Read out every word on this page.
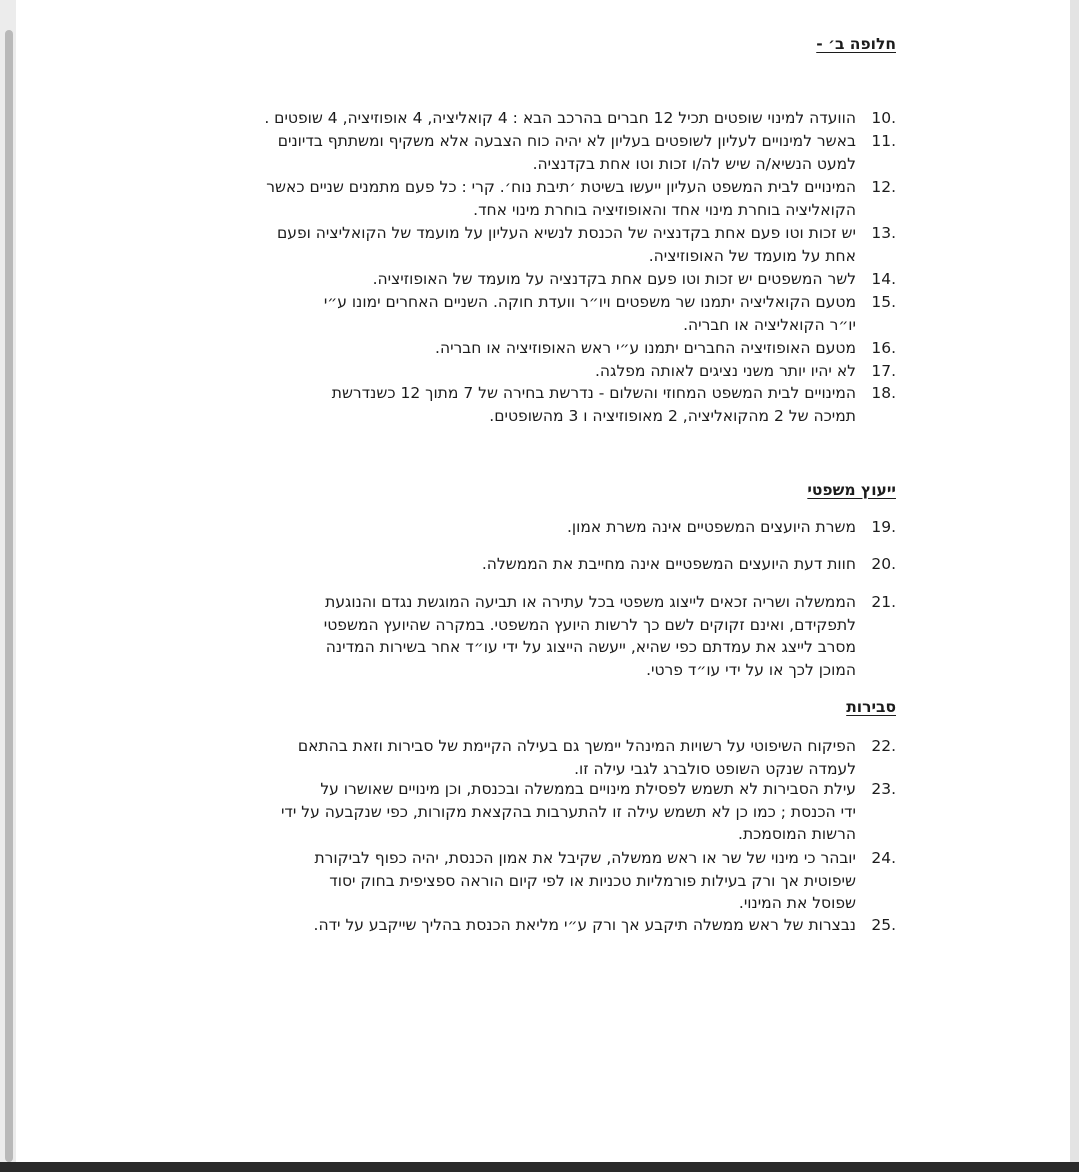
חלופה ב׳ -
10.
הוועדה למינוי שופטים תכיל 12 חברים בהרכב הבא : 4 קואליציה, 4 אופוזיציה, 4 שופטים .
11.
באשר למינויים לעליון לשופטים בעליון לא יהיה כוח הצבעה אלא משקיף ומשתתף בדיונים
למעט הנשיא/ה שיש לה/ו זכות וטו אחת בקדנציה.
12.
המינויים לבית המשפט העליון ייעשו בשיטת ׳תיבת נוח׳. קרי : כל פעם מתמנים שניים כאשר
הקואליציה בוחרת מינוי אחד והאופוזיציה בוחרת מינוי אחד.
13.
יש זכות וטו פעם אחת בקדנציה של הכנסת לנשיא העליון על מועמד של הקואליציה ופעם
אחת על מועמד של האופוזיציה.
14.
לשר המשפטים יש זכות וטו פעם אחת בקדנציה על מועמד של האופוזיציה.
15.
מטעם הקואליציה יתמנו שר משפטים ויו״ר וועדת חוקה. השניים האחרים ימונו ע״י
יו״ר הקואליציה או חבריה.
16.
מטעם האופוזיציה החברים יתמנו ע״י ראש האופוזיציה או חבריה.
17.
לא יהיו יותר משני נציגים לאותה מפלגה.
18.
המינויים לבית המשפט המחוזי והשלום - נדרשת בחירה של 7 מתוך 12 כשנדרשת
תמיכה של 2 מהקואליציה, 2 מאופוזיציה ו 3 מהשופטים.
ייעוץ משפטי
19.
משרת היועצים המשפטיים אינה משרת אמון.
20.
חוות דעת היועצים המשפטיים אינה מחייבת את הממשלה.
21.
הממשלה ושריה זכאים לייצוג משפטי בכל עתירה או תביעה המוגשת נגדם והנוגעת
לתפקידם, ואינם זקוקים לשם כך לרשות היועץ המשפטי. במקרה שהיועץ המשפטי
מסרב לייצג את עמדתם כפי שהיא, ייעשה הייצוג על ידי עו״ד אחר בשירות המדינה
המוכן לכך או על ידי עו״ד פרטי.
סבירות
22.
הפיקוח השיפוטי על רשויות המינהל יימשך גם בעילה הקיימת של סבירות וזאת בהתאם
לעמדה שנקט השופט סולברג לגבי עילה זו.
23.
עילת הסבירות לא תשמש לפסילת מינויים בממשלה ובכנסת, וכן מינויים שאושרו על
ידי הכנסת ; כמו כן לא תשמש עילה זו להתערבות בהקצאת מקורות, כפי שנקבעה על ידי
הרשות המוסמכת.
24.
יובהר כי מינוי של שר או ראש ממשלה, שקיבל את אמון הכנסת, יהיה כפוף לביקורת
שיפוטית אך ורק בעילות פורמליות טכניות או לפי קיום הוראה ספציפית בחוק יסוד
שפוסל את המינוי.
25.
נבצרות של ראש ממשלה תיקבע אך ורק ע״י מליאת הכנסת בהליך שייקבע על ידה.
